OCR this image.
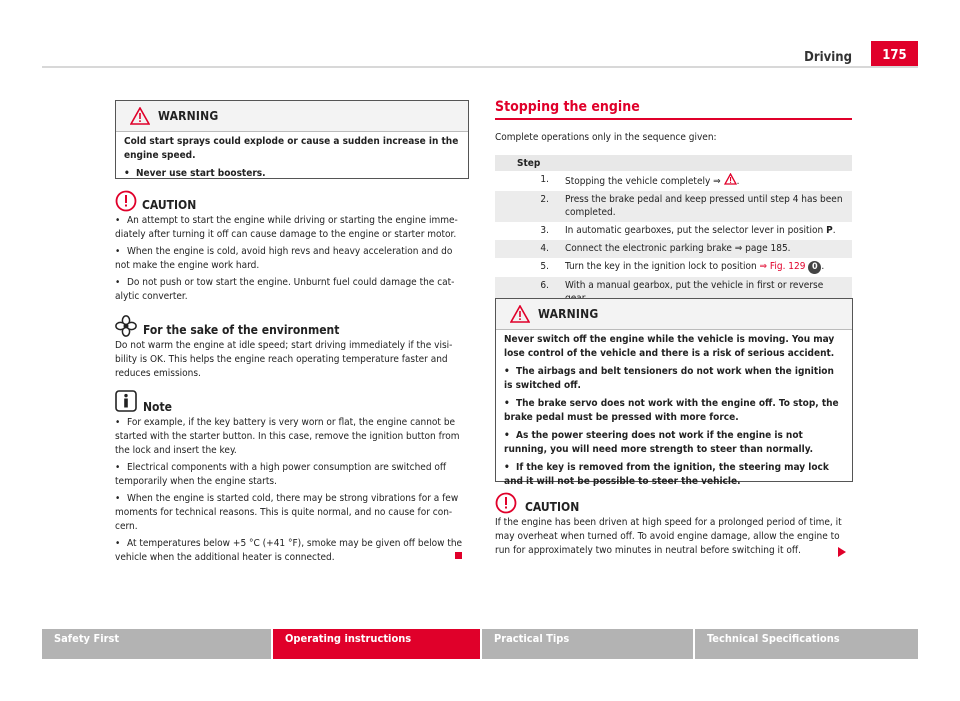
Driving	175
WARNING

Cold start sprays could explode or cause a sudden increase in the engine speed.

• Never use start boosters.

CAUTION

• An attempt to start the engine while driving or starting the engine imme-diately after turning it off can cause damage to the engine or starter motor.

• When the engine is cold, avoid high revs and heavy acceleration and do not make the engine work hard.

• Do not push or tow start the engine. Unburnt fuel could damage the cat-alytic converter.

For the sake of the environment

Do not warm the engine at idle speed; start driving immediately if the visi-bility is OK. This helps the engine reach operating temperature faster and reduces emissions.

Note

• For example, if the key battery is very worn or flat, the engine cannot be started with the starter button. In this case, remove the ignition button from the lock and insert the key.

• Electrical components with a high power consumption are switched off temporarily when the engine starts.

• When the engine is started cold, there may be strong vibrations for a few moments for technical reasons. This is quite normal, and no cause for con-cern.

• At temperatures below +5 °C (+41 °F), smoke may be given off below the vehicle when the additional heater is connected.

Stopping the engine

Complete operations only in the sequence given:

Step	
1.	Stopping the vehicle completely ⇒ .
2.	Press the brake pedal and keep pressed until step 4 has been completed.
3.	In automatic gearboxes, put the selector lever in position P.
4.	Connect the electronic parking brake ⇒ page 185.
5.	Turn the key in the ignition lock to position ⇒ Fig. 129 0 .
6.	With a manual gearbox, put the vehicle in first or reverse
WARNING

Never switch off the engine while the vehicle is moving. You may lose control of the vehicle and there is a risk of serious accident.

• The airbags and belt tensioners do not work when the ignition is switched off.

• The brake servo does not work with the engine off. To stop, the brake pedal must be pressed with more force.

• As the power steering does not work if the engine is not running, you will need more strength to steer than normally.

• If the key is removed from the ignition, the steering may lock and it will not be possible to steer the vehicle.

CAUTION

If the engine has been driven at high speed for a prolonged period of time, it may overheat when turned off. To avoid engine damage, allow the engine to run for approximately two minutes in neutral before switching it off.

Safety First	Operating instructions	Practical Tips	Technical Specifications
